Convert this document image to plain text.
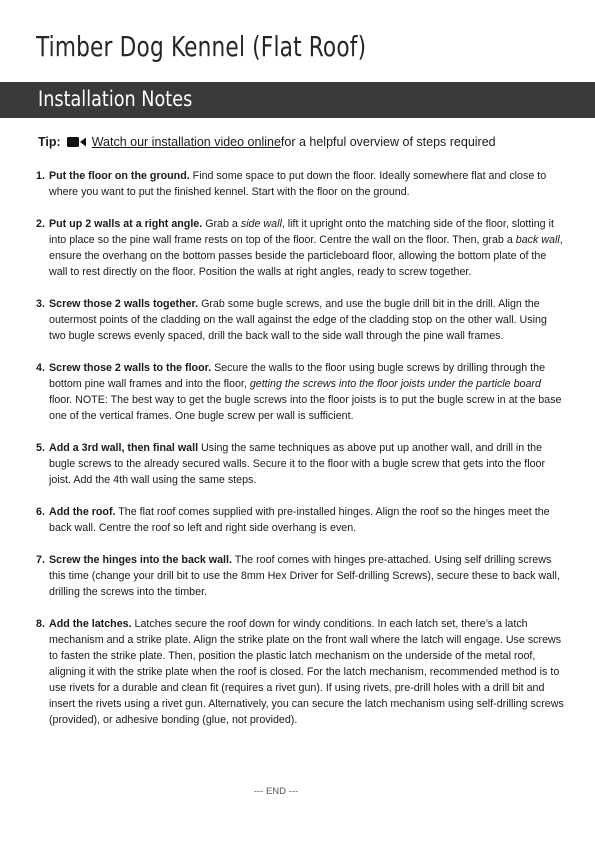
Timber Dog Kennel (Flat Roof)
Installation Notes
Tip: Watch our installation video online for a helpful overview of steps required
1. Put the floor on the ground. Find some space to put down the floor. Ideally somewhere flat and close to where you want to put the finished kennel. Start with the floor on the ground.
2. Put up 2 walls at a right angle. Grab a side wall, lift it upright onto the matching side of the floor, slotting it into place so the pine wall frame rests on top of the floor. Centre the wall on the floor. Then, grab a back wall, ensure the overhang on the bottom passes beside the particleboard floor, allowing the bottom plate of the wall to rest directly on the floor. Position the walls at right angles, ready to screw together.
3. Screw those 2 walls together. Grab some bugle screws, and use the bugle drill bit in the drill. Align the outermost points of the cladding on the wall against the edge of the cladding stop on the other wall. Using two bugle screws evenly spaced, drill the back wall to the side wall through the pine wall frames.
4. Screw those 2 walls to the floor. Secure the walls to the floor using bugle screws by drilling through the bottom pine wall frames and into the floor, getting the screws into the floor joists under the particle board floor. NOTE: The best way to get the bugle screws into the floor joists is to put the bugle screw in at the base one of the vertical frames. One bugle screw per wall is sufficient.
5. Add a 3rd wall, then final wall Using the same techniques as above put up another wall, and drill in the bugle screws to the already secured walls. Secure it to the floor with a bugle screw that gets into the floor joist. Add the 4th wall using the same steps.
6. Add the roof. The flat roof comes supplied with pre-installed hinges. Align the roof so the hinges meet the back wall. Centre the roof so left and right side overhang is even.
7. Screw the hinges into the back wall. The roof comes with hinges pre-attached. Using self drilling screws this time (change your drill bit to use the 8mm Hex Driver for Self-drilling Screws), secure these to back wall, drilling the screws into the timber.
8. Add the latches. Latches secure the roof down for windy conditions. In each latch set, there’s a latch mechanism and a strike plate. Align the strike plate on the front wall where the latch will engage. Use screws to fasten the strike plate. Then, position the plastic latch mechanism on the underside of the metal roof, aligning it with the strike plate when the roof is closed. For the latch mechanism, recommended method is to use rivets for a durable and clean fit (requires a rivet gun). If using rivets, pre-drill holes with a drill bit and insert the rivets using a rivet gun. Alternatively, you can secure the latch mechanism using self-drilling screws (provided), or adhesive bonding (glue, not provided).
--- END ---
